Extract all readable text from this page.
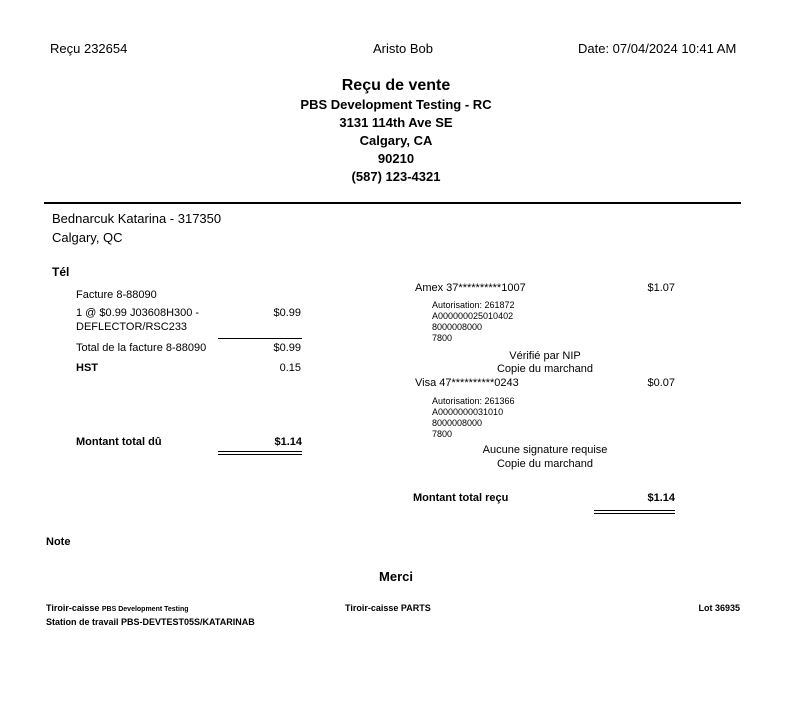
Reçu 232654	Aristo Bob	Date: 07/04/2024 10:41 AM
Reçu de vente
PBS Development Testing - RC
3131 114th Ave SE
Calgary, CA
90210
(587) 123-4321
Bednarcuk Katarina - 317350
Calgary, QC
Tél
Facture 8-88090
1 @ $0.99 J03608H300 -
DEFLECTOR/RSC233
$0.99
Total de la facture 8-88090	$0.99
HST	0.15
Montant total dû	$1.14
Amex 37**********1007	$1.07
Autorisation: 261872
A000000025010402
8000008000
7800
Vérifié par NIP
Copie du marchand
Visa 47**********0243	$0.07
Autorisation: 261366
A0000000031010
8000008000
7800
Aucune signature requise
Copie du marchand
Montant total reçu	$1.14
Note
Merci
Tiroir-caisse PBS Development Testing	Tiroir-caisse PARTS	Lot 36935
Station de travail PBS-DEVTEST05S/KATARINAB
